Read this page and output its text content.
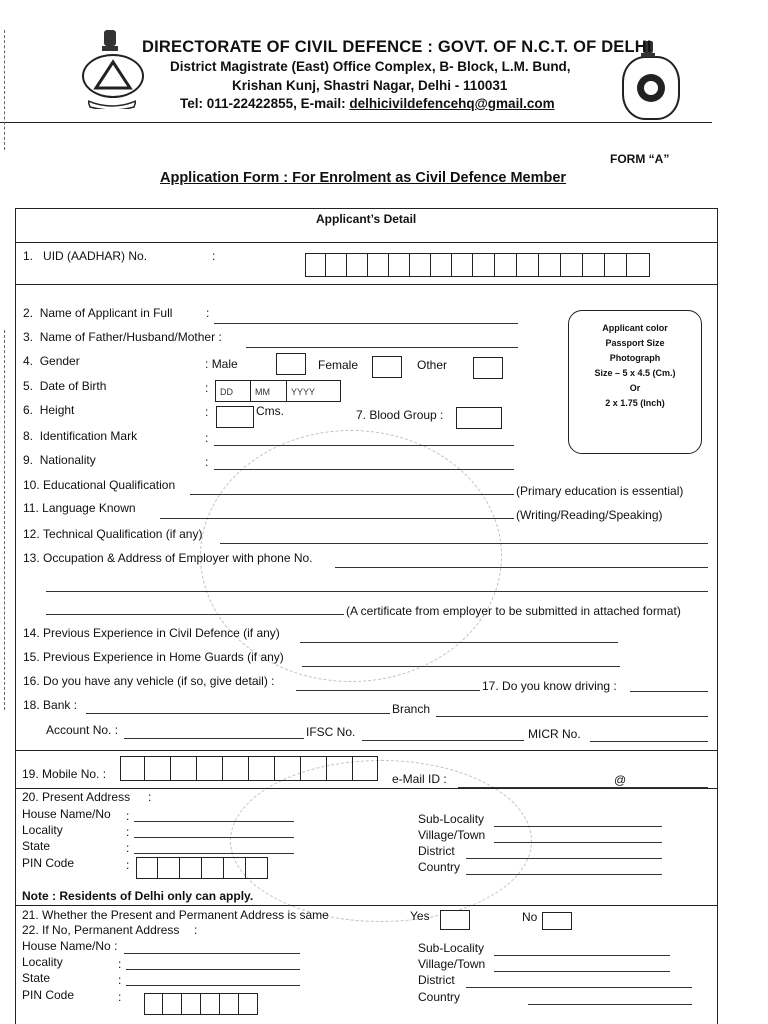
DIRECTORATE OF CIVIL DEFENCE : GOVT. OF N.C.T. OF DELHI
District Magistrate (East) Office Complex, B- Block, L.M. Bund,
Krishan Kunj, Shastri Nagar, Delhi - 110031
Tel: 011-22422855, E-mail: delhicivildefencehq@gmail.com
FORM “A”
Application Form : For Enrolment as Civil Defence Member
Applicant’s Detail
1. UID (AADHAR) No.	:
2. Name of Applicant in Full	:
3. Name of Father/Husband/Mother :
Applicant color
Passport Size
Photograph
Size – 5 x 4.5 (Cm.)
Or
2 x 1.75 (Inch)
4. Gender	: Male	Female	Other
5. Date of Birth	:	DD	MM	YYYY
6. Height	:	Cms.	7. Blood Group :
8. Identification Mark	:
9. Nationality	:
10. Educational Qualification	(Primary education is essential)
11. Language Known	(Writing/Reading/Speaking)
12. Technical Qualification (if any)
13. Occupation & Address of Employer with phone No.
(A certificate from employer to be submitted in attached format)
14. Previous Experience in Civil Defence (if any)
15. Previous Experience in Home Guards (if any)
16. Do you have any vehicle (if so, give detail) :	17. Do you know driving :
18. Bank :	Branch
Account No. :	IFSC No.	MICR No.
19. Mobile No. :	e-Mail ID :	@
20. Present Address :
House Name/No :
Locality	:
State	:
PIN Code	:
Sub-Locality
Village/Town
District
Country
Note : Residents of Delhi only can apply.
21. Whether the Present and Permanent Address is same	Yes	No
22. If No, Permanent Address :
House Name/No :
Locality	:
State	:
PIN Code	:
Sub-Locality
Village/Town
District
Country
